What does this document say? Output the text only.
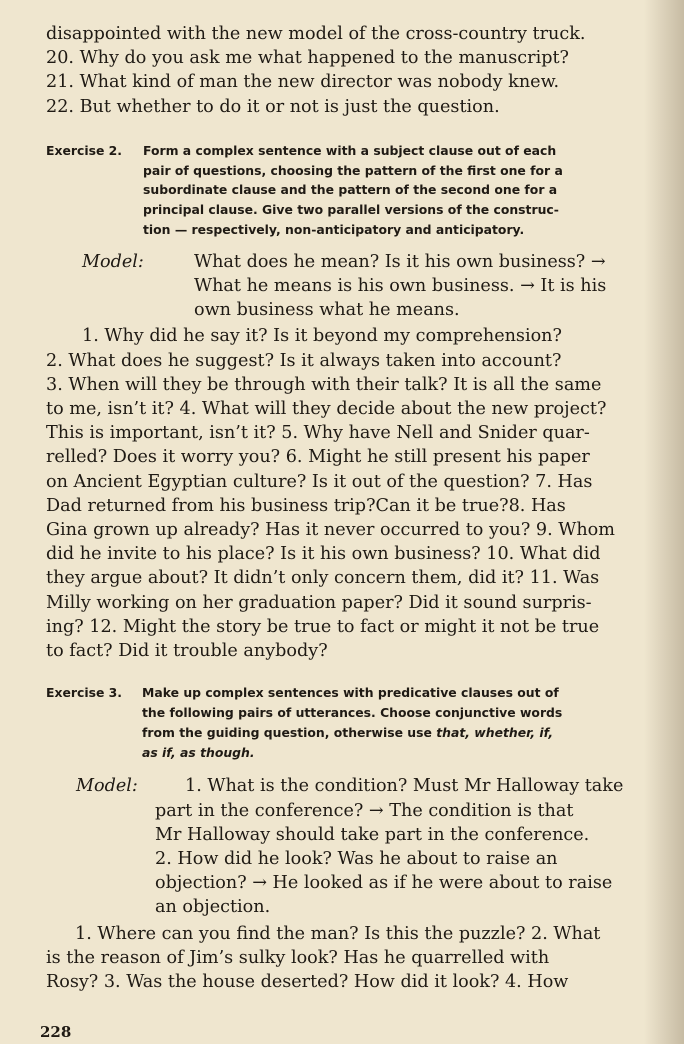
disappointed with the new model of the cross-country truck.

20. Why do you ask me what happened to the manuscript?

21. What kind of man the new director was nobody knew.

22. But whether to do it or not is just the question.

Exercise 2.	Form a complex sentence with a subject clause out of each
pair of questions, choosing the pattern of the first one for a
subordinate clause and the pattern of the second one for a
principal clause. Give two parallel versions of the construc-
tion — respectively, non-anticipatory and anticipatory.
Model:	What does he mean? Is it his own business? →
What he means is his own business. → It is his
own business what he means.

1. Why did he say it? Is it beyond my comprehension?

2. What does he suggest? Is it always taken into account?

3. When will they be through with their talk? It is all the same

to me, isn’t it? 4. What will they decide about the new project?

This is important, isn’t it? 5. Why have Nell and Snider quar-

relled? Does it worry you? 6. Might he still present his paper

on Ancient Egyptian culture? Is it out of the question? 7. Has

Dad returned from his business trip?Can it be true?8. Has

Gina grown up already? Has it never occurred to you? 9. Whom

did he invite to his place? Is it his own business? 10. What did

they argue about? It didn’t only concern them, did it? 11. Was

Milly working on her graduation paper? Did it sound surpris-

ing? 12. Might the story be true to fact or might it not be true

to fact? Did it trouble anybody?

Exercise 3.	Make up complex sentences with predicative clauses out of
the following pairs of utterances. Choose conjunctive words
from the guiding question, otherwise use that, whether, if,
as if, as though.
Model:	1. What is the condition? Must Mr Halloway take
part in the conference? → The condition is that
Mr Halloway should take part in the conference.
2. How did he look? Was he about to raise an
objection? → He looked as if he were about to raise
an objection.

1. Where can you find the man? Is this the puzzle? 2. What

is the reason of Jim’s sulky look? Has he quarrelled with

Rosy? 3. Was the house deserted? How did it look? 4. How

228
